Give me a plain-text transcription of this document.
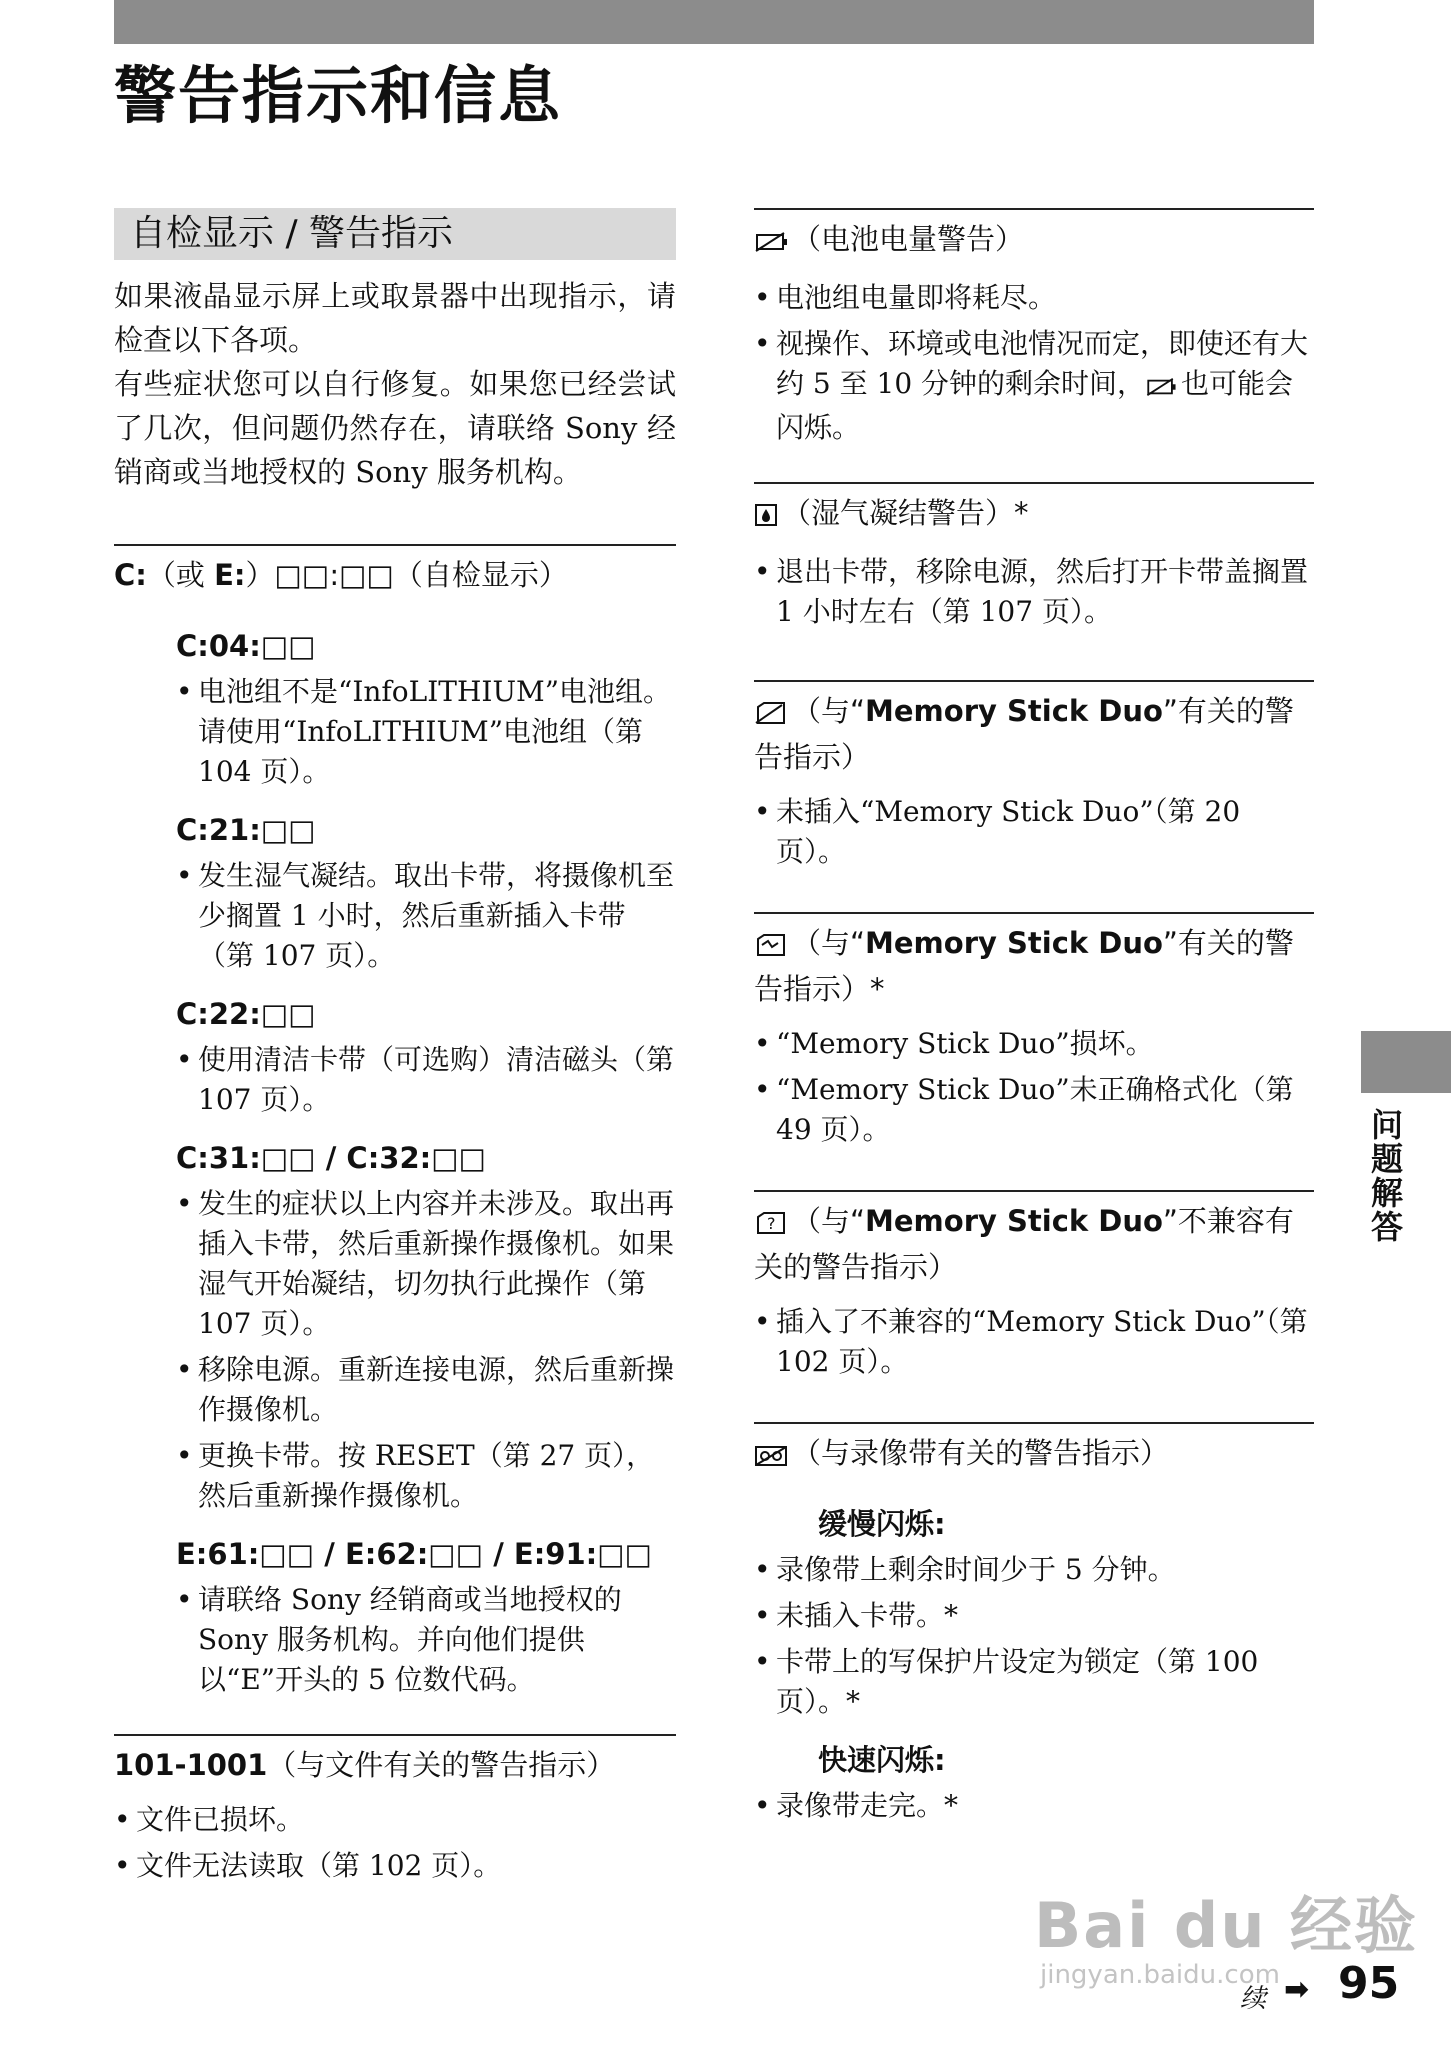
警告指示和信息
自检显示 / 警告指示

如果液晶显示屏上或取景器中出现指示，请检查以下各项。

有些症状您可以自行修复。如果您已经尝试了几次，但问题仍然存在，请联络 Sony 经销商或当地授权的 Sony 服务机构。

C:（或 E:）□□:□□（自检显示）
C:04:□□
• 电池组不是“InfoLITHIUM”电池组。请使用“InfoLITHIUM”电池组（第 104 页）。
C:21:□□
• 发生湿气凝结。取出卡带，将摄像机至少搁置 1 小时，然后重新插入卡带（第 107 页）。
C:22:□□
• 使用清洁卡带（可选购）清洁磁头（第 107 页）。
C:31:□□ / C:32:□□
• 发生的症状以上内容并未涉及。取出再插入卡带，然后重新操作摄像机。如果湿气开始凝结，切勿执行此操作（第 107 页）。
• 移除电源。重新连接电源，然后重新操作摄像机。
• 更换卡带。按 RESET（第 27 页），然后重新操作摄像机。
E:61:□□ / E:62:□□ / E:91:□□
• 请联络 Sony 经销商或当地授权的 Sony 服务机构。并向他们提供以“E”开头的 5 位数代码。
101-1001（与文件有关的警告指示）
• 文件已损坏。
• 文件无法读取（第 102 页）。
（电池电量警告）
• 电池组电量即将耗尽。
• 视操作、环境或电池情况而定，即使还有大约 5 至 10 分钟的剩余时间， 也可能会闪烁。
（湿气凝结警告）*
• 退出卡带，移除电源，然后打开卡带盖搁置 1 小时左右（第 107 页）。
（与“Memory Stick Duo”有关的警告指示）
• 未插入“Memory Stick Duo”（第 20 页）。
（与“Memory Stick Duo”有关的警告指示）*
• “Memory Stick Duo”损坏。
• “Memory Stick Duo”未正确格式化（第 49 页）。
? （与“Memory Stick Duo”不兼容有关的警告指示）
• 插入了不兼容的“Memory Stick Duo”（第 102 页）。
（与录像带有关的警告指示）
缓慢闪烁:
• 录像带上剩余时间少于 5 分钟。
• 未插入卡带。*
• 卡带上的写保护片设定为锁定（第 100 页）。*
快速闪烁:
• 录像带走完。*
问题解答
Bai du 经验
jingyan.baidu.com
续 ➡ 95
